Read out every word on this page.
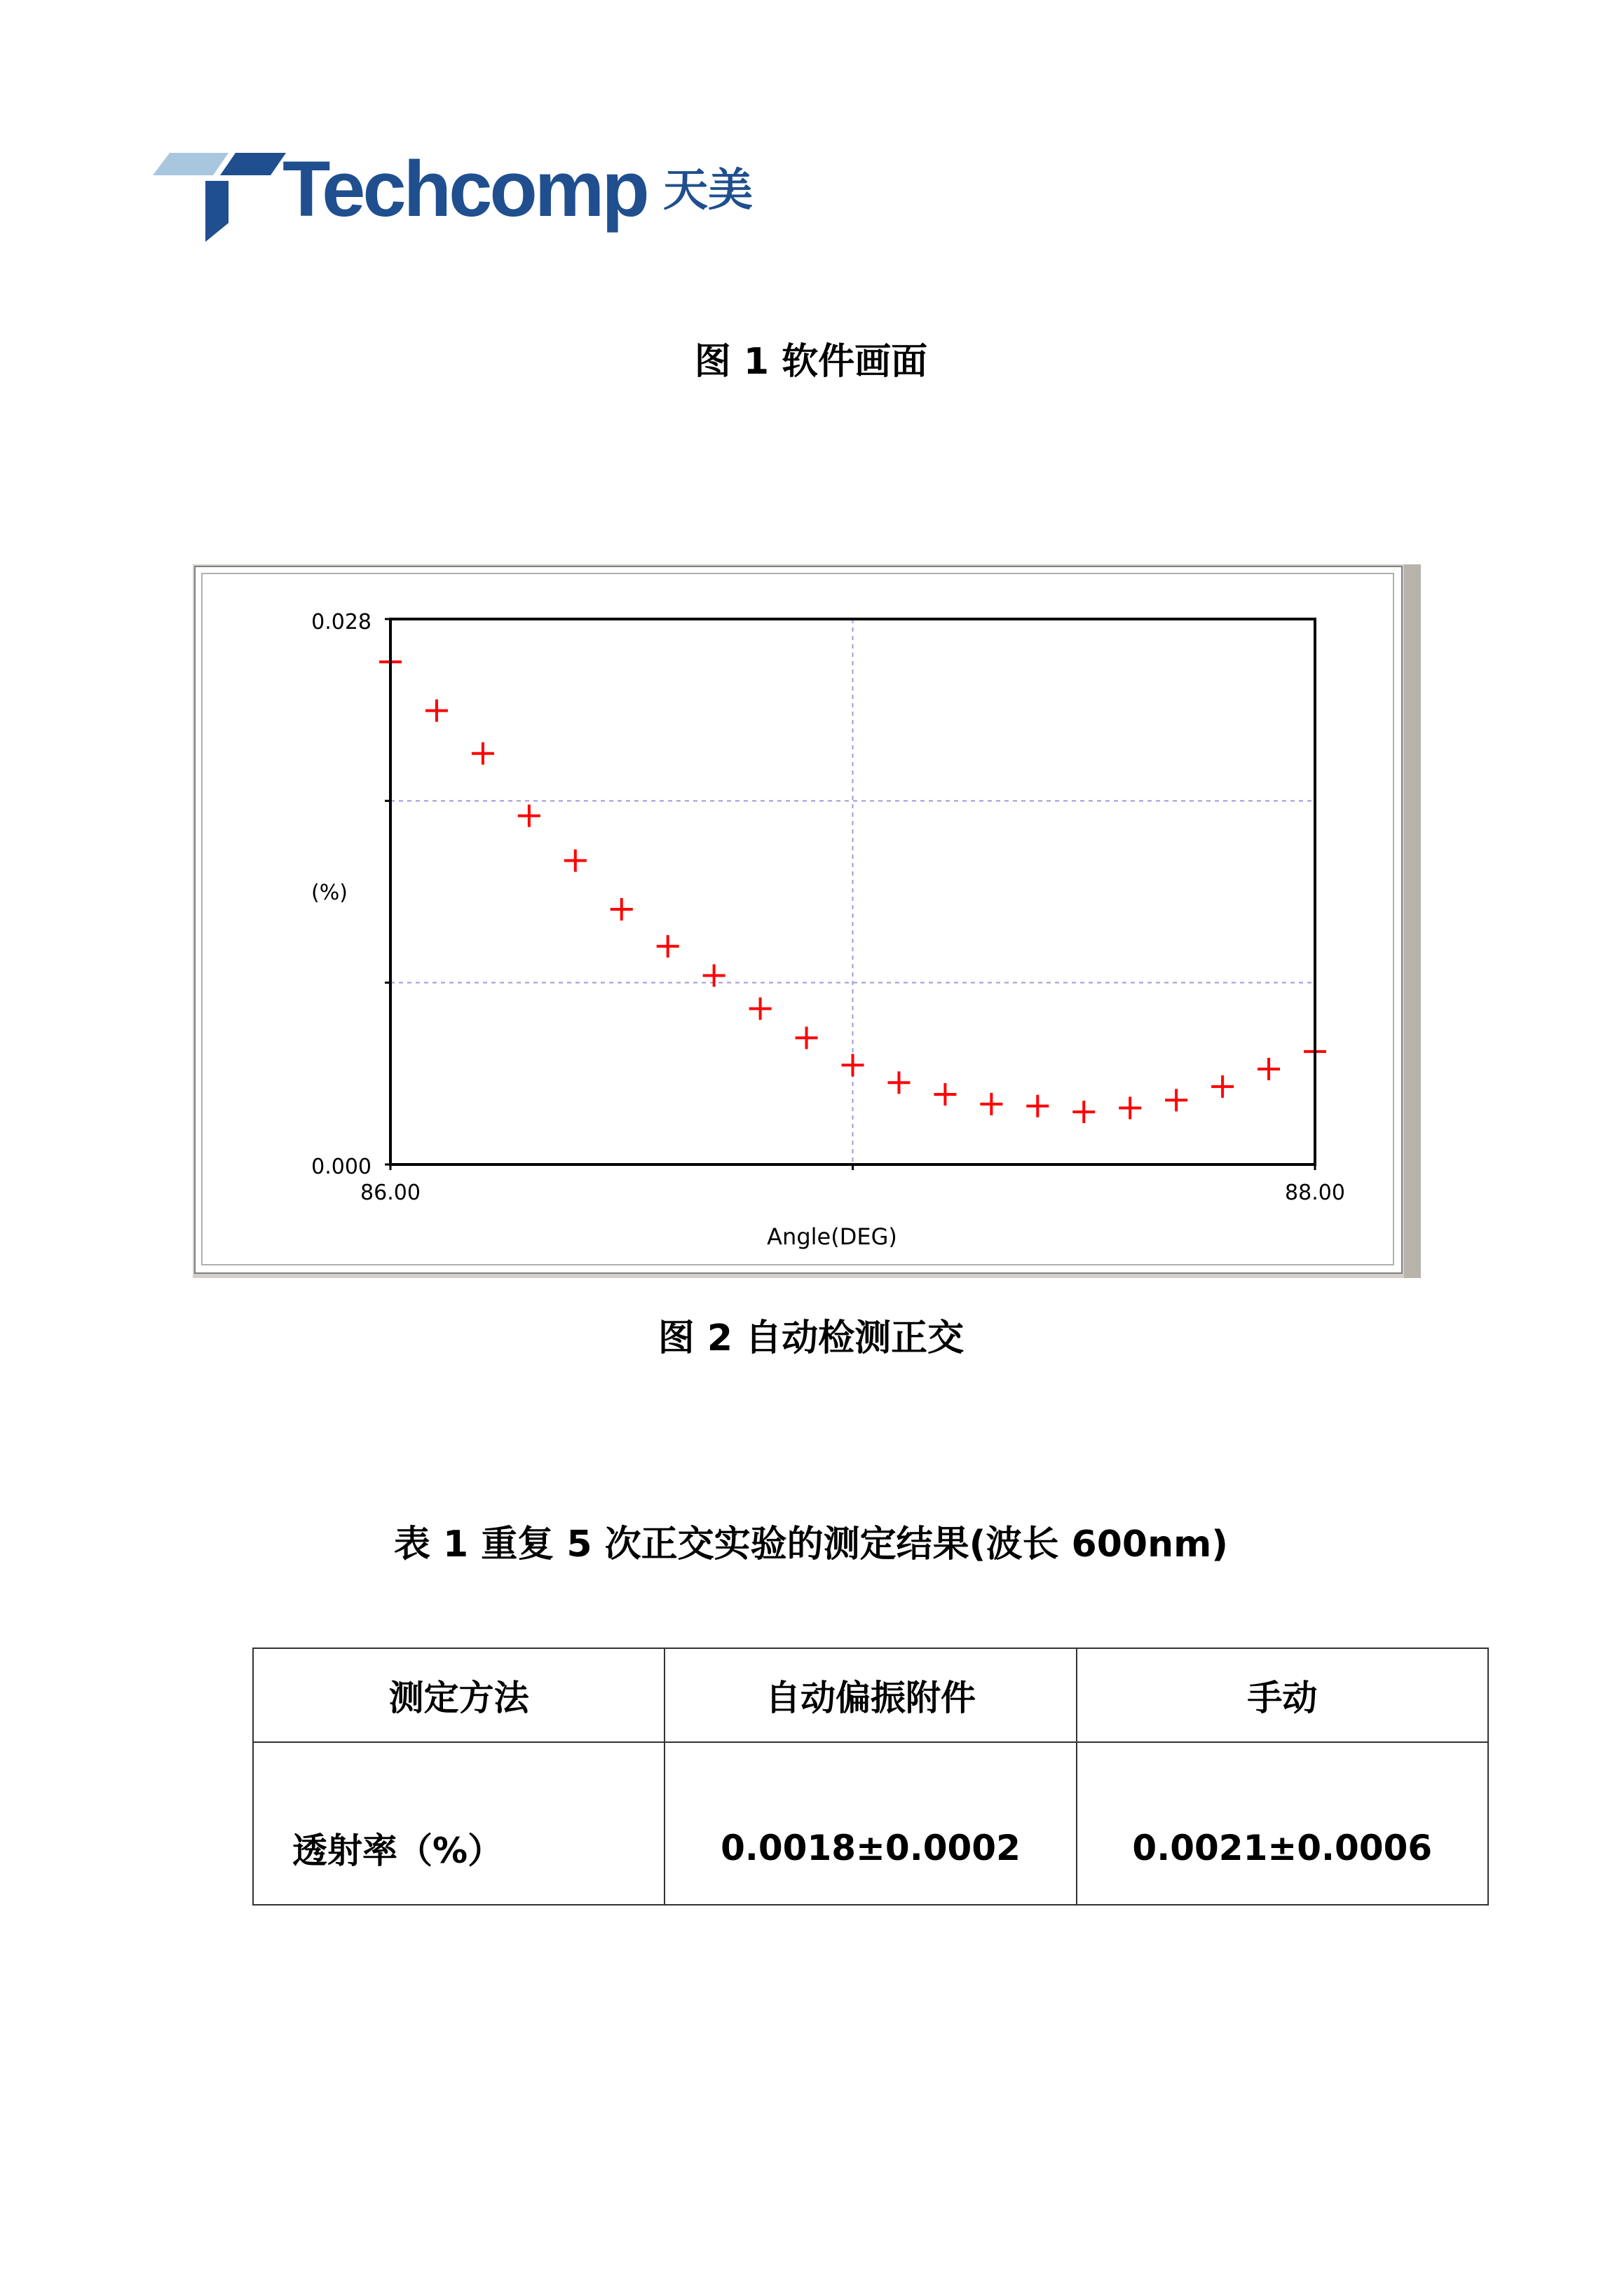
Techcomp 天美
图 1 软件画面
0.028
0.000
86.00	88.00
(%)
Angle(DEG)
图 2 自动检测正交
表 1 重复 5 次正交实验的测定结果(波长 600nm)
测定方法	自动偏振附件	手动
透射率（%）	0.0018±0.0002	0.0021±0.0006
